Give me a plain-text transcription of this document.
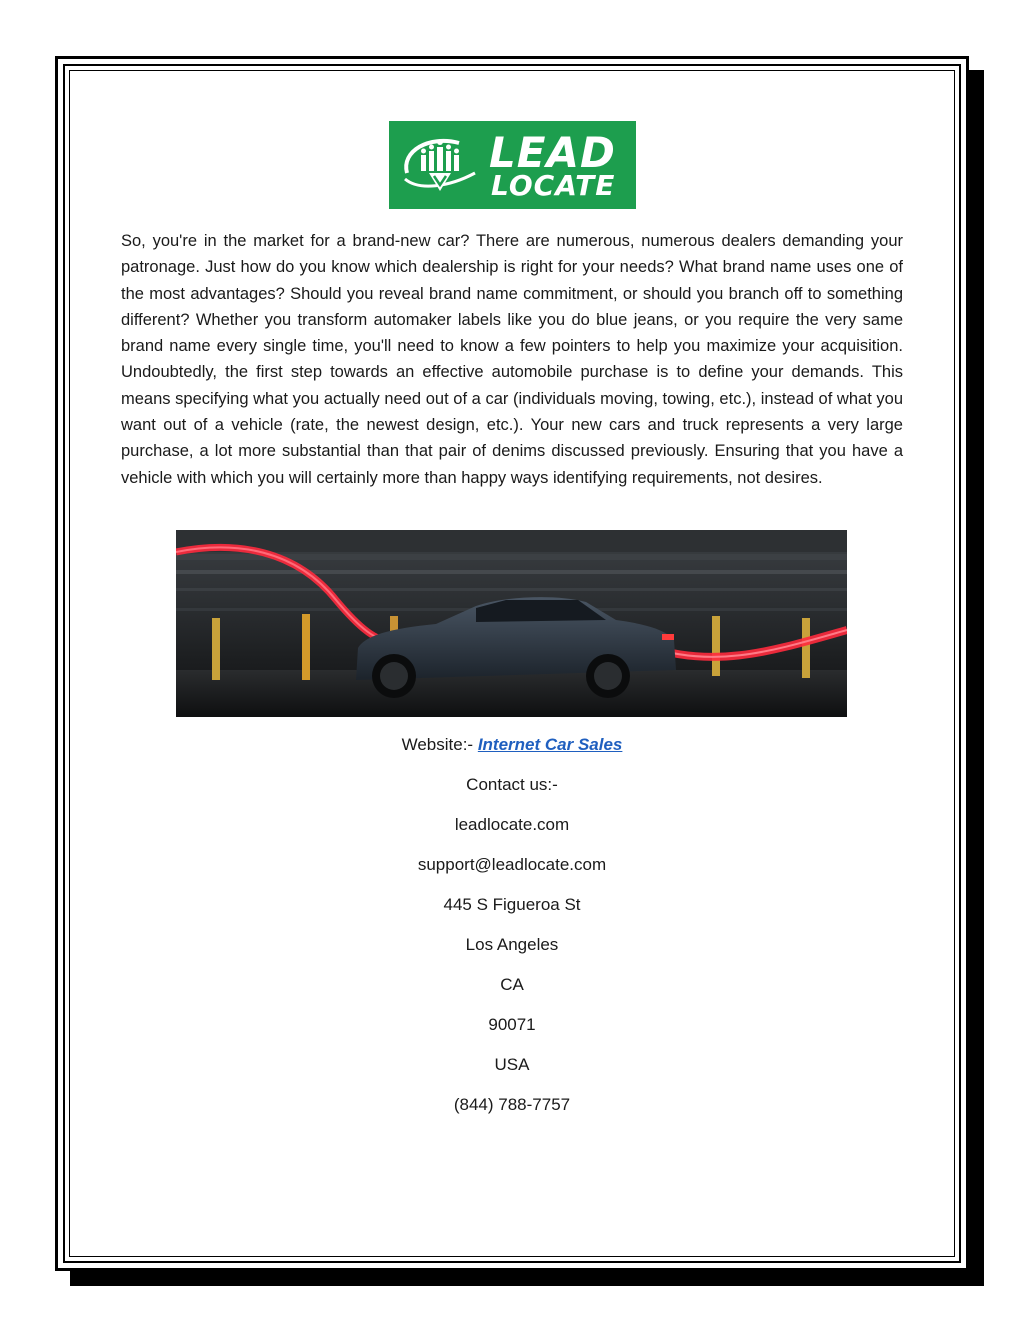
LEAD
LOCATE
So, you're in the market for a brand-new car? There are numerous, numerous dealers demanding your patronage. Just how do you know which dealership is right for your needs? What brand name uses one of the most advantages? Should you reveal brand name commitment, or should you branch off to something different? Whether you transform automaker labels like you do blue jeans, or you require the very same brand name every single time, you'll need to know a few pointers to help you maximize your acquisition. Undoubtedly, the first step towards an effective automobile purchase is to define your demands. This means specifying what you actually need out of a car (individuals moving, towing, etc.), instead of what you want out of a vehicle (rate, the newest design, etc.). Your new cars and truck represents a very large purchase, a lot more substantial than that pair of denims discussed previously. Ensuring that you have a vehicle with which you will certainly more than happy ways identifying requirements, not desires.
Website:- Internet Car Sales
Contact us:-
leadlocate.com
support@leadlocate.com
445 S Figueroa St
Los Angeles
CA
90071
USA
(844) 788-7757
